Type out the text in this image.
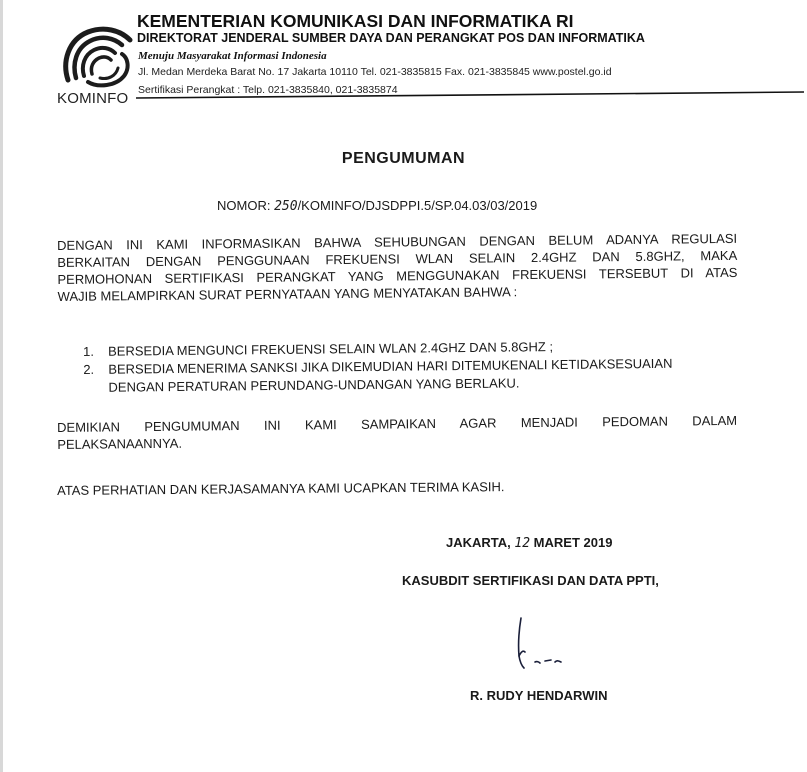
KOMINFO
KEMENTERIAN KOMUNIKASI DAN INFORMATIKA RI
DIREKTORAT JENDERAL SUMBER DAYA DAN PERANGKAT POS DAN INFORMATIKA
Menuju Masyarakat Informasi Indonesia
Jl. Medan Merdeka Barat No. 17 Jakarta 10110 Tel. 021-3835815 Fax. 021-3835845 www.postel.go.id
Sertifikasi Perangkat : Telp. 021-3835840, 021-3835874
PENGUMUMAN
NOMOR: 250/KOMINFO/DJSDPPI.5/SP.04.03/03/2019
DENGAN INI KAMI INFORMASIKAN BAHWA SEHUBUNGAN DENGAN BELUM ADANYA REGULASI
BERKAITAN DENGAN PENGGUNAAN FREKUENSI WLAN SELAIN 2.4GHZ DAN 5.8GHZ, MAKA
PERMOHONAN SERTIFIKASI PERANGKAT YANG MENGGUNAKAN FREKUENSI TERSEBUT DI ATAS
WAJIB MELAMPIRKAN SURAT PERNYATAAN YANG MENYATAKAN BAHWA :
1. BERSEDIA MENGUNCI FREKUENSI SELAIN WLAN 2.4GHZ DAN 5.8GHZ ;
2. BERSEDIA MENERIMA SANKSI JIKA DIKEMUDIAN HARI DITEMUKENALI KETIDAKSESUAIAN
DENGAN PERATURAN PERUNDANG-UNDANGAN YANG BERLAKU.
DEMIKIAN PENGUMUMAN INI KAMI SAMPAIKAN AGAR MENJADI PEDOMAN DALAM
PELAKSANAANNYA.
ATAS PERHATIAN DAN KERJASAMANYA KAMI UCAPKAN TERIMA KASIH.
JAKARTA, 12 MARET 2019
KASUBDIT SERTIFIKASI DAN DATA PPTI,
R. RUDY HENDARWIN
